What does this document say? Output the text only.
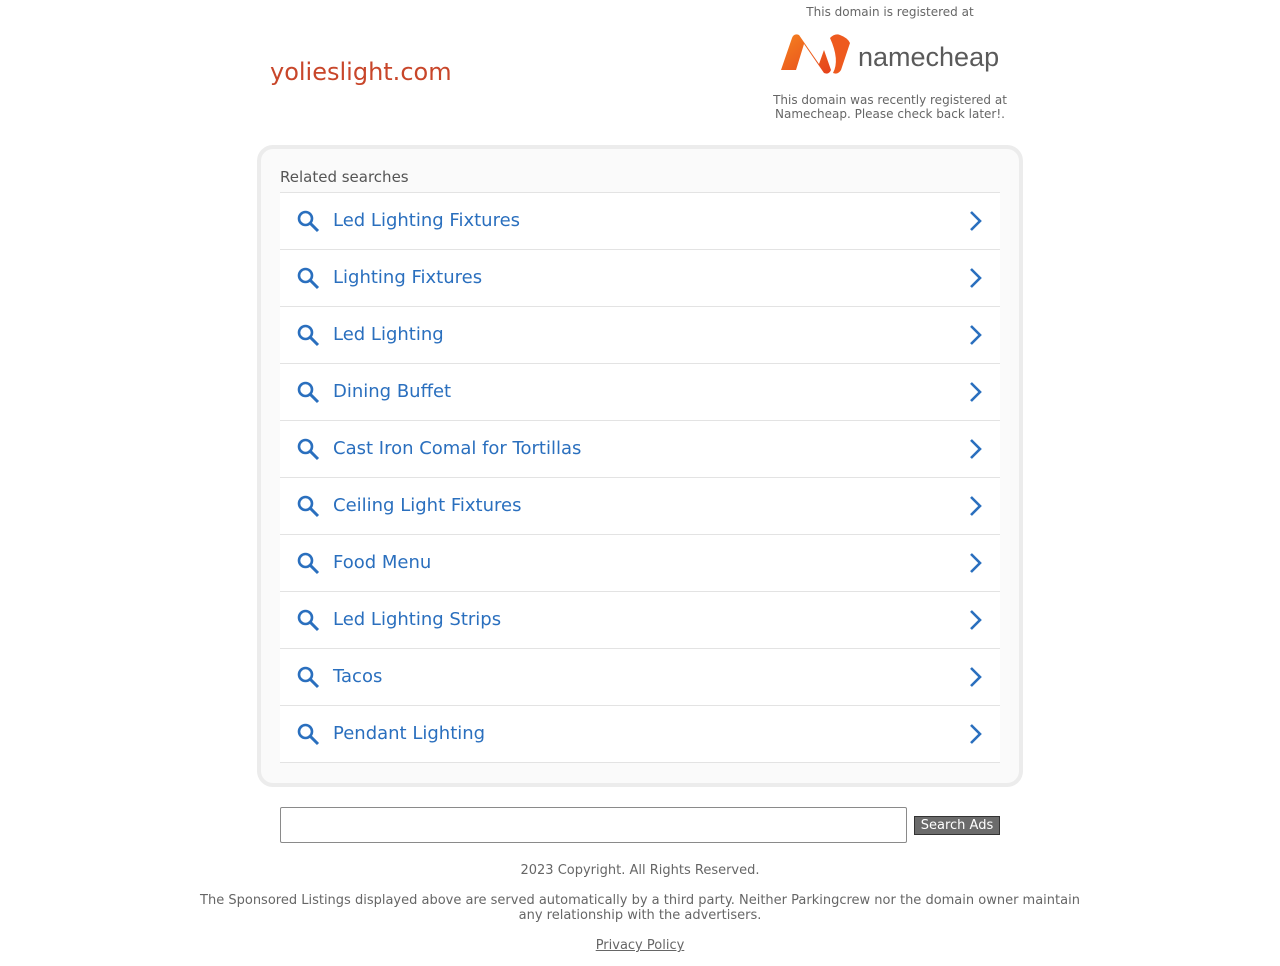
yolieslight.com
This domain is registered at
namecheap
This domain was recently registered at Namecheap. Please check back later!.
Related searches
Led Lighting Fixtures
Lighting Fixtures
Led Lighting
Dining Buffet
Cast Iron Comal for Tortillas
Ceiling Light Fixtures
Food Menu
Led Lighting Strips
Tacos
Pendant Lighting
Search Ads
2023 Copyright. All Rights Reserved.
The Sponsored Listings displayed above are served automatically by a third party. Neither Parkingcrew nor the domain owner maintain any relationship with the advertisers.
Privacy Policy
